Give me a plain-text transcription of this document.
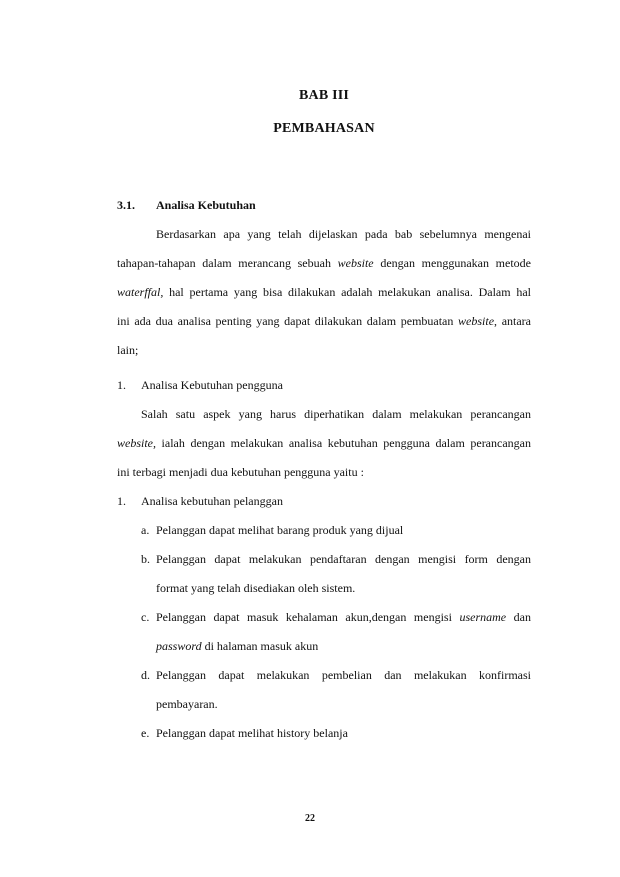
BAB III
PEMBAHASAN
3.1. Analisa Kebutuhan
Berdasarkan apa yang telah dijelaskan pada bab sebelumnya mengenai
tahapan-tahapan dalam merancang sebuah website dengan menggunakan metode
waterffal, hal pertama yang bisa dilakukan adalah melakukan analisa. Dalam hal
ini ada dua analisa penting yang dapat dilakukan dalam pembuatan website, antara
lain;
1. Analisa Kebutuhan pengguna
Salah satu aspek yang harus diperhatikan dalam melakukan perancangan
website, ialah dengan melakukan analisa kebutuhan pengguna dalam perancangan
ini terbagi menjadi dua kebutuhan pengguna yaitu :
1. Analisa kebutuhan pelanggan
a. Pelanggan dapat melihat barang produk yang dijual
b. Pelanggan dapat melakukan pendaftaran dengan mengisi form dengan
format yang telah disediakan oleh sistem.
c. Pelanggan dapat masuk kehalaman akun,dengan mengisi username dan
password di halaman masuk akun
d. Pelanggan dapat melakukan pembelian dan melakukan konfirmasi
pembayaran.
e. Pelanggan dapat melihat history belanja
22
